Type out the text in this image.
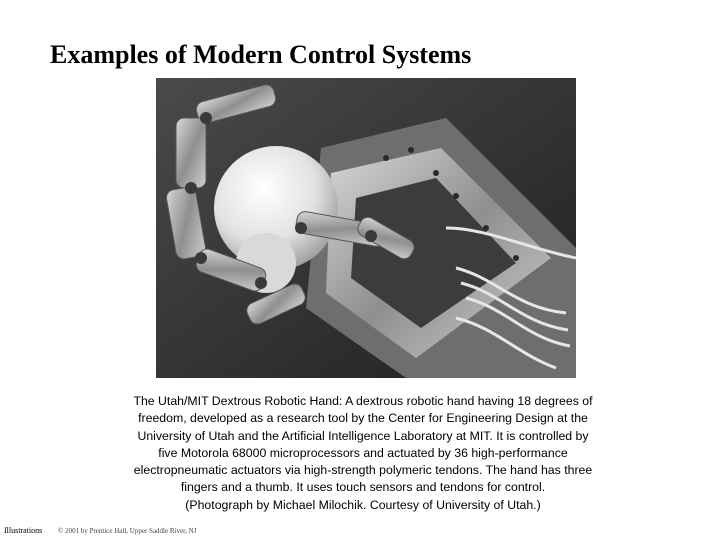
Examples of Modern Control Systems
The Utah/MIT Dextrous Robotic Hand: A dextrous robotic hand having 18 degrees of
freedom, developed as a research tool by the Center for Engineering Design at the
University of Utah and the Artificial Intelligence Laboratory at MIT. It is controlled by
five Motorola 68000 microprocessors and actuated by 36 high-performance
electropneumatic actuators via high-strength polymeric tendons. The hand has three
fingers and a thumb. It uses touch sensors and tendons for control.
(Photograph by Michael Milochik. Courtesy of University of Utah.)
Illustrations © 2001 by Prentice Hall, Upper Saddle River, NJ
